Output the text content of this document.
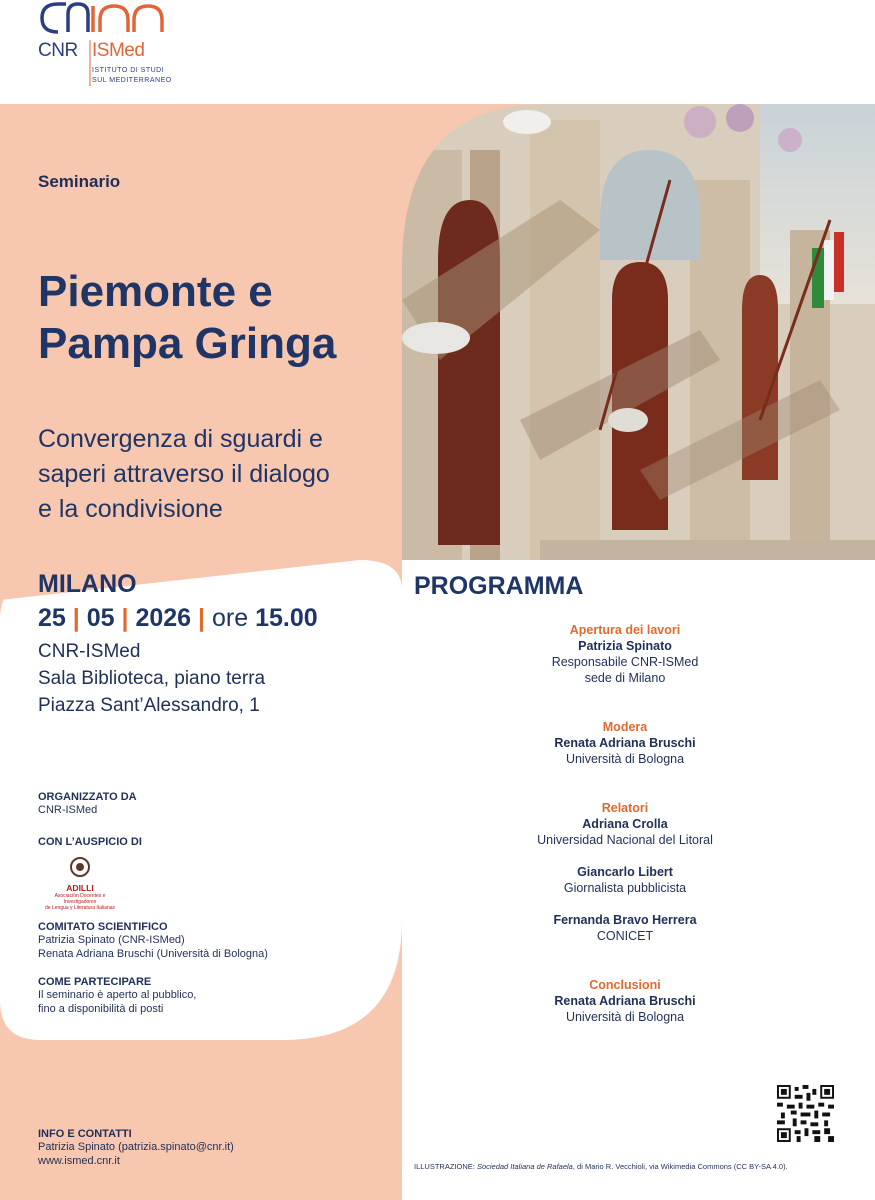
CNR ISMed
ISTITUTO DI STUDI
SUL MEDITERRANEO
Seminario
Piemonte e
Pampa Gringa
Convergenza di sguardi e
saperi attraverso il dialogo
e la condivisione
MILANO
25 | 05 | 2026 | ore 15.00
CNR-ISMed
Sala Biblioteca, piano terra
Piazza Sant’Alessandro, 1
ORGANIZZATO DA
CNR-ISMed
CON L’AUSPICIO DI
ADILLI
Asociación Docentes e Investigadores
de Lengua y Literatura Italianas
COMITATO SCIENTIFICO
Patrizia Spinato (CNR-ISMed)
Renata Adriana Bruschi (Università di Bologna)
COME PARTECIPARE
Il seminario è aperto al pubblico,
fino a disponibilità di posti
INFO E CONTATTI
Patrizia Spinato (patrizia.spinato@cnr.it)
www.ismed.cnr.it
PROGRAMMA
Apertura dei lavori
Patrizia Spinato
Responsabile CNR-ISMed
sede di Milano
Modera
Renata Adriana Bruschi
Università di Bologna
Relatori
Adriana Crolla
Universidad Nacional del Litoral
Giancarlo Libert
Giornalista pubblicista
Fernanda Bravo Herrera
CONICET
Conclusioni
Renata Adriana Bruschi
Università di Bologna
ILLUSTRAZIONE: Sociedad Italiana de Rafaela, di Mario R. Vecchioli, via Wikimedia Commons (CC BY-SA 4.0).
